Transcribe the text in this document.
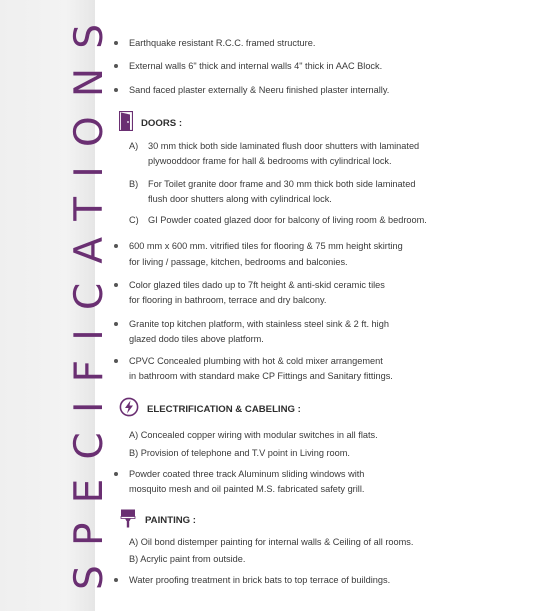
SPECIFICATIONS Earthquake resistant R.C.C. framed structure.
External walls 6" thick and internal walls 4" thick in AAC Block.
Sand faced plaster externally & Neeru finished plaster internally.
DOORS :
A) 30 mm thick both side laminated flush door shutters with laminated
plywooddoor frame for hall & bedrooms with cylindrical lock.
B) For Toilet granite door frame and 30 mm thick both side laminated
flush door shutters along with cylindrical lock.
C) GI Powder coated glazed door for balcony of living room & bedroom.
600 mm x 600 mm. vitrified tiles for flooring & 75 mm height skirting
for living / passage, kitchen, bedrooms and balconies.
Color glazed tiles dado up to 7ft height & anti-skid ceramic tiles
for flooring in bathroom, terrace and dry balcony.
Granite top kitchen platform, with stainless steel sink & 2 ft. high
glazed dodo tiles above platform.
CPVC Concealed plumbing with hot & cold mixer arrangement
in bathroom with standard make CP Fittings and Sanitary fittings.
ELECTRIFICATION & CABELING :
A) Concealed copper wiring with modular switches in all flats.
B) Provision of telephone and T.V point in Living room.
Powder coated three track Aluminum sliding windows with
mosquito mesh and oil painted M.S. fabricated safety grill.
PAINTING :
A) Oil bond distemper painting for internal walls & Ceiling of all rooms.
B) Acrylic paint from outside.
Water proofing treatment in brick bats to top terrace of buildings.
